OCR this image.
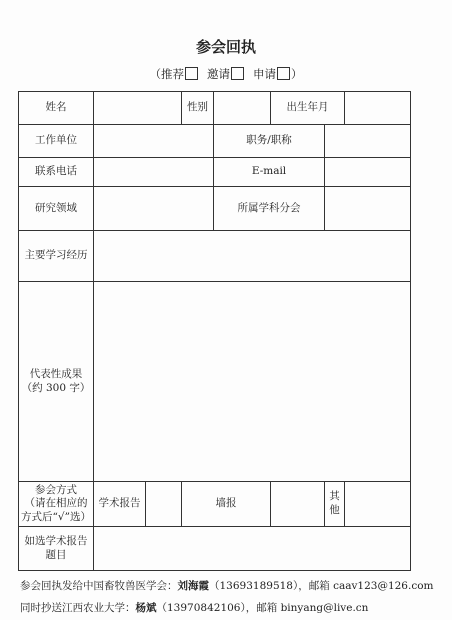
参会回执
（推荐 邀请 申请 ）
姓名			性别		出生年月		
工作单位				职务/职称			
联系电话				E-mail			
研究领域				所属学科分会			
主要学习经历							

代表性成果
（约 300 字）							

参会方式
（请在相应的
方式后“√”选）	学术报告		墙报			其他	

如选学术报告
题目							

参会回执发给中国畜牧兽医学会：刘海霞（13693189518），邮箱 caav123@126.com
同时抄送江西农业大学：杨斌（13970842106），邮箱 binyang@live.cn
